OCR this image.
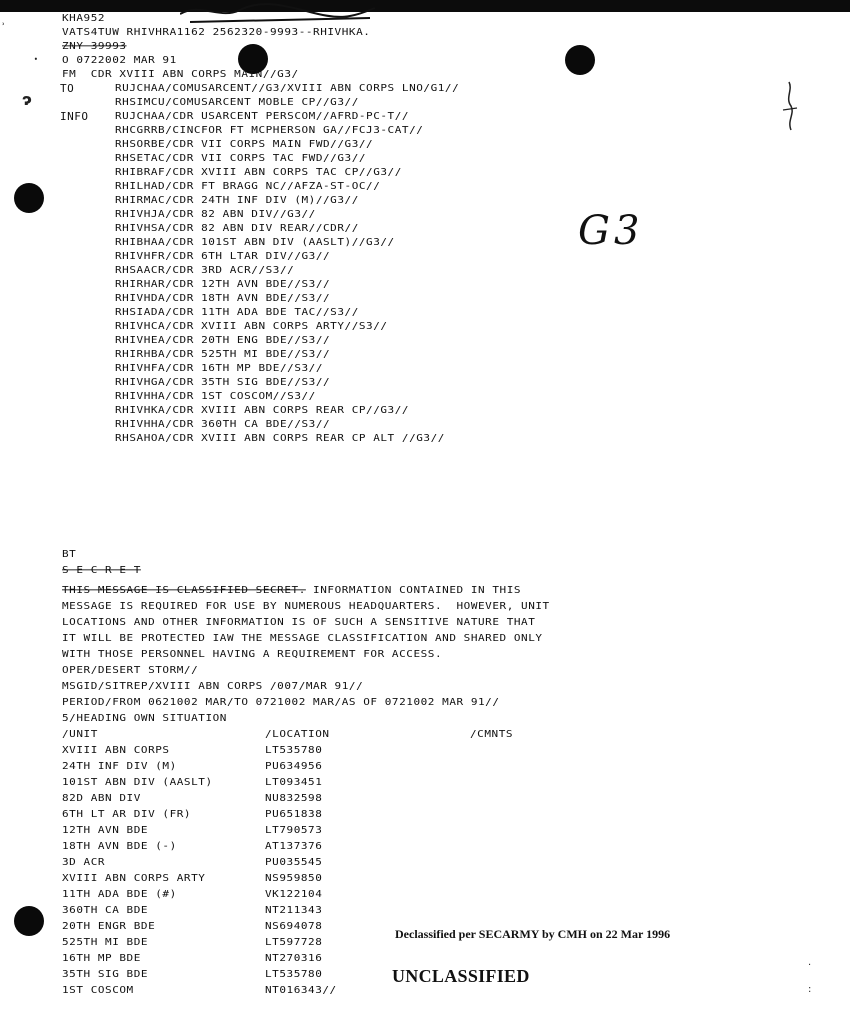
ʾ
ꞏ
ɂ
KHA952
VATS4TUW RHIVHRA1162 2562320-9993--RHIVHKA.
ZNY 39993
O 0722002 MAR 91
FM  CDR XVIII ABN CORPS MAIN//G3/
TO	RUJCHAA/COMUSARCENT//G3/XVIII ABN CORPS LNO/G1//
RHSIMCU/COMUSARCENT MOBLE CP//G3//
INFO RUJCHAA/CDR USARCENT PERSCOM//AFRD-PC-T//
RHCGRRB/CINCFOR FT MCPHERSON GA//FCJ3-CAT//
RHSORBE/CDR VII CORPS MAIN FWD//G3//
RHSETAC/CDR VII CORPS TAC FWD//G3//
RHIBRAF/CDR XVIII ABN CORPS TAC CP//G3//
RHILHAD/CDR FT BRAGG NC//AFZA-ST-OC//
RHIRMAC/CDR 24TH INF DIV (M)//G3//
RHIVHJA/CDR 82 ABN DIV//G3//
RHIVHSA/CDR 82 ABN DIV REAR//CDR//
RHIBHAA/CDR 101ST ABN DIV (AASLT)//G3//
RHIVHFR/CDR 6TH LTAR DIV//G3//
RHSAACR/CDR 3RD ACR//S3//
RHIRHAR/CDR 12TH AVN BDE//S3//
RHIVHDA/CDR 18TH AVN BDE//S3//
RHSIADA/CDR 11TH ADA BDE TAC//S3//
RHIVHCA/CDR XVIII ABN CORPS ARTY//S3//
RHIVHEA/CDR 20TH ENG BDE//S3//
RHIRHBA/CDR 525TH MI BDE//S3//
RHIVHFA/CDR 16TH MP BDE//S3//
RHIVHGA/CDR 35TH SIG BDE//S3//
RHIVHHA/CDR 1ST COSCOM//S3//
RHIVHKA/CDR XVIII ABN CORPS REAR CP//G3//
RHIVHHA/CDR 360TH CA BDE//S3//
RHSAHOA/CDR XVIII ABN CORPS REAR CP ALT //G3//
G3
BT
S E C R E T
THIS MESSAGE IS CLASSIFIED SECRET. INFORMATION CONTAINED IN THIS
MESSAGE IS REQUIRED FOR USE BY NUMEROUS HEADQUARTERS.  HOWEVER, UNIT
LOCATIONS AND OTHER INFORMATION IS OF SUCH A SENSITIVE NATURE THAT
IT WILL BE PROTECTED IAW THE MESSAGE CLASSIFICATION AND SHARED ONLY
WITH THOSE PERSONNEL HAVING A REQUIREMENT FOR ACCESS.
OPER/DESERT STORM//
MSGID/SITREP/XVIII ABN CORPS /007/MAR 91//
PERIOD/FROM 0621002 MAR/TO 0721002 MAR/AS OF 0721002 MAR 91//
5/HEADING OWN SITUATION
/UNIT	/LOCATION	/CMNTS
XVIII ABN CORPS	LT535780
24TH INF DIV (M)	PU634956
101ST ABN DIV (AASLT)	LT093451
82D ABN DIV	NU832598
6TH LT AR DIV (FR)	PU651838
12TH AVN BDE	LT790573
18TH AVN BDE (-)	AT137376
3D ACR	PU035545
XVIII ABN CORPS ARTY	NS959850
11TH ADA BDE (#)	VK122104
360TH CA BDE	NT211343
20TH ENGR BDE	NS694078
525TH MI BDE	LT597728
16TH MP BDE	NT270316
35TH SIG BDE	LT535780
1ST COSCOM	NT016343//
Declassified per SECARMY by CMH on 22 Mar 1996
UNCLASSIFIED
·
:
